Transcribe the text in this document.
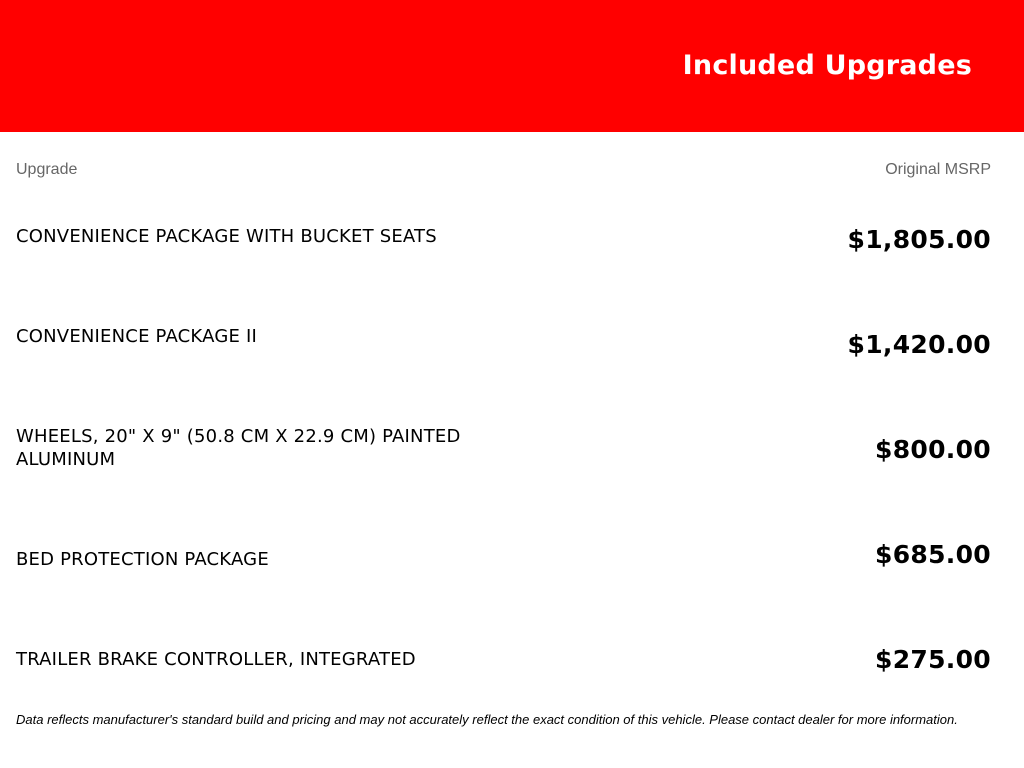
Included Upgrades
Upgrade	Original MSRP
CONVENIENCE PACKAGE WITH BUCKET SEATS	$1,805.00
CONVENIENCE PACKAGE II	$1,420.00
WHEELS, 20" X 9" (50.8 CM X 22.9 CM) PAINTED ALUMINUM	$800.00
BED PROTECTION PACKAGE	$685.00
TRAILER BRAKE CONTROLLER, INTEGRATED	$275.00
Data reflects manufacturer's standard build and pricing and may not accurately reflect the exact condition of this vehicle. Please contact dealer for more information.
